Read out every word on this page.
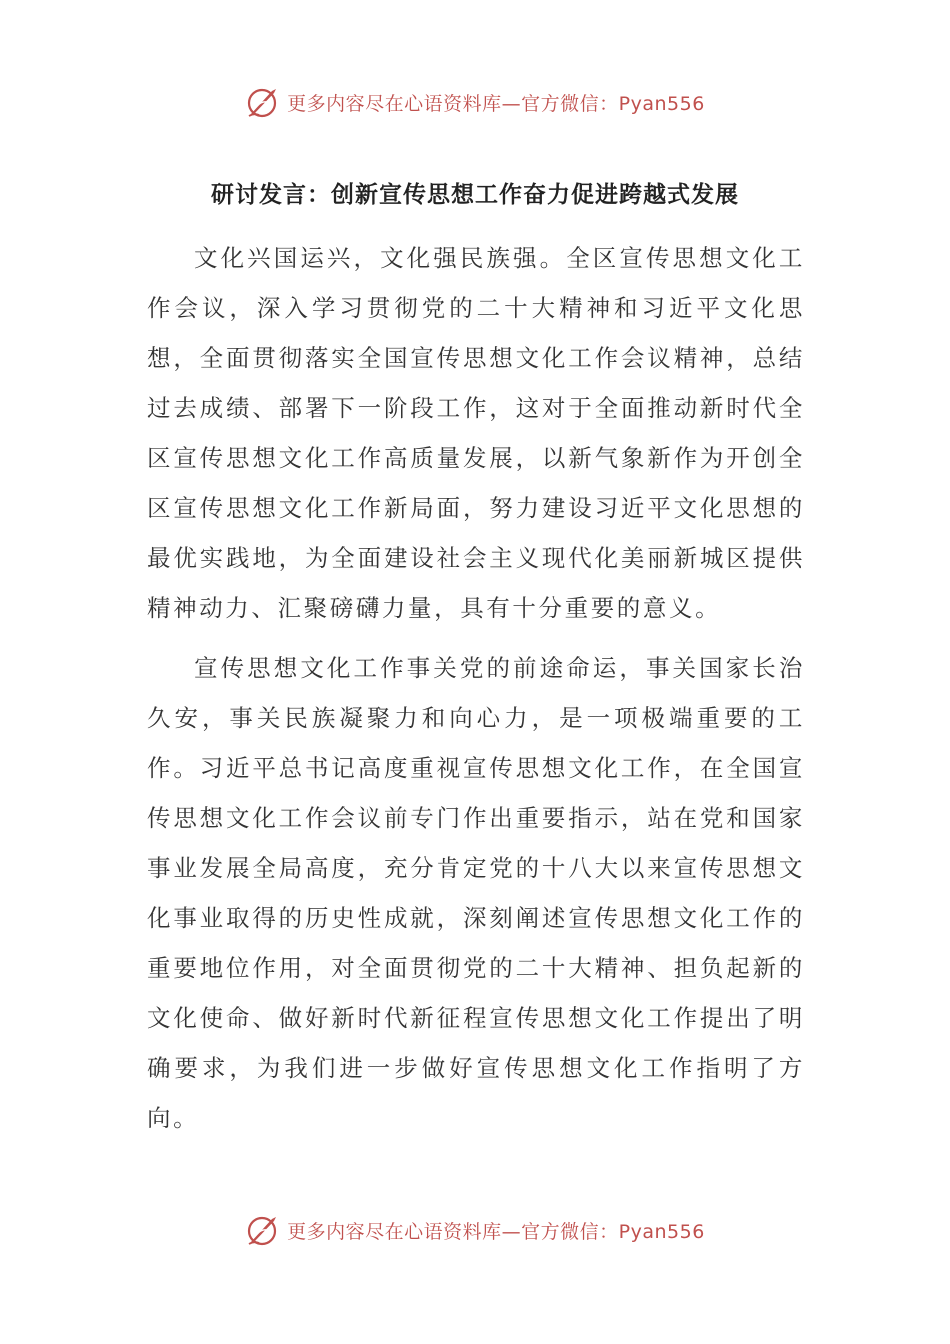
更多内容尽在心语资料库—官方微信：Pyan556
研讨发言：创新宣传思想工作奋力促进跨越式发展

文化兴国运兴，文化强民族强。全区宣传思想文化工作会议，深入学习贯彻党的二十大精神和习近平文化思想，全面贯彻落实全国宣传思想文化工作会议精神，总结过去成绩、部署下一阶段工作，这对于全面推动新时代全区宣传思想文化工作高质量发展，以新气象新作为开创全区宣传思想文化工作新局面，努力建设习近平文化思想的最优实践地，为全面建设社会主义现代化美丽新城区提供精神动力、汇聚磅礴力量，具有十分重要的意义。

宣传思想文化工作事关党的前途命运，事关国家长治久安，事关民族凝聚力和向心力，是一项极端重要的工作。习近平总书记高度重视宣传思想文化工作，在全国宣传思想文化工作会议前专门作出重要指示，站在党和国家事业发展全局高度，充分肯定党的十八大以来宣传思想文化事业取得的历史性成就，深刻阐述宣传思想文化工作的重要地位作用，对全面贯彻党的二十大精神、担负起新的文化使命、做好新时代新征程宣传思想文化工作提出了明确要求，为我们进一步做好宣传思想文化工作指明了方向。

更多内容尽在心语资料库—官方微信：Pyan556
